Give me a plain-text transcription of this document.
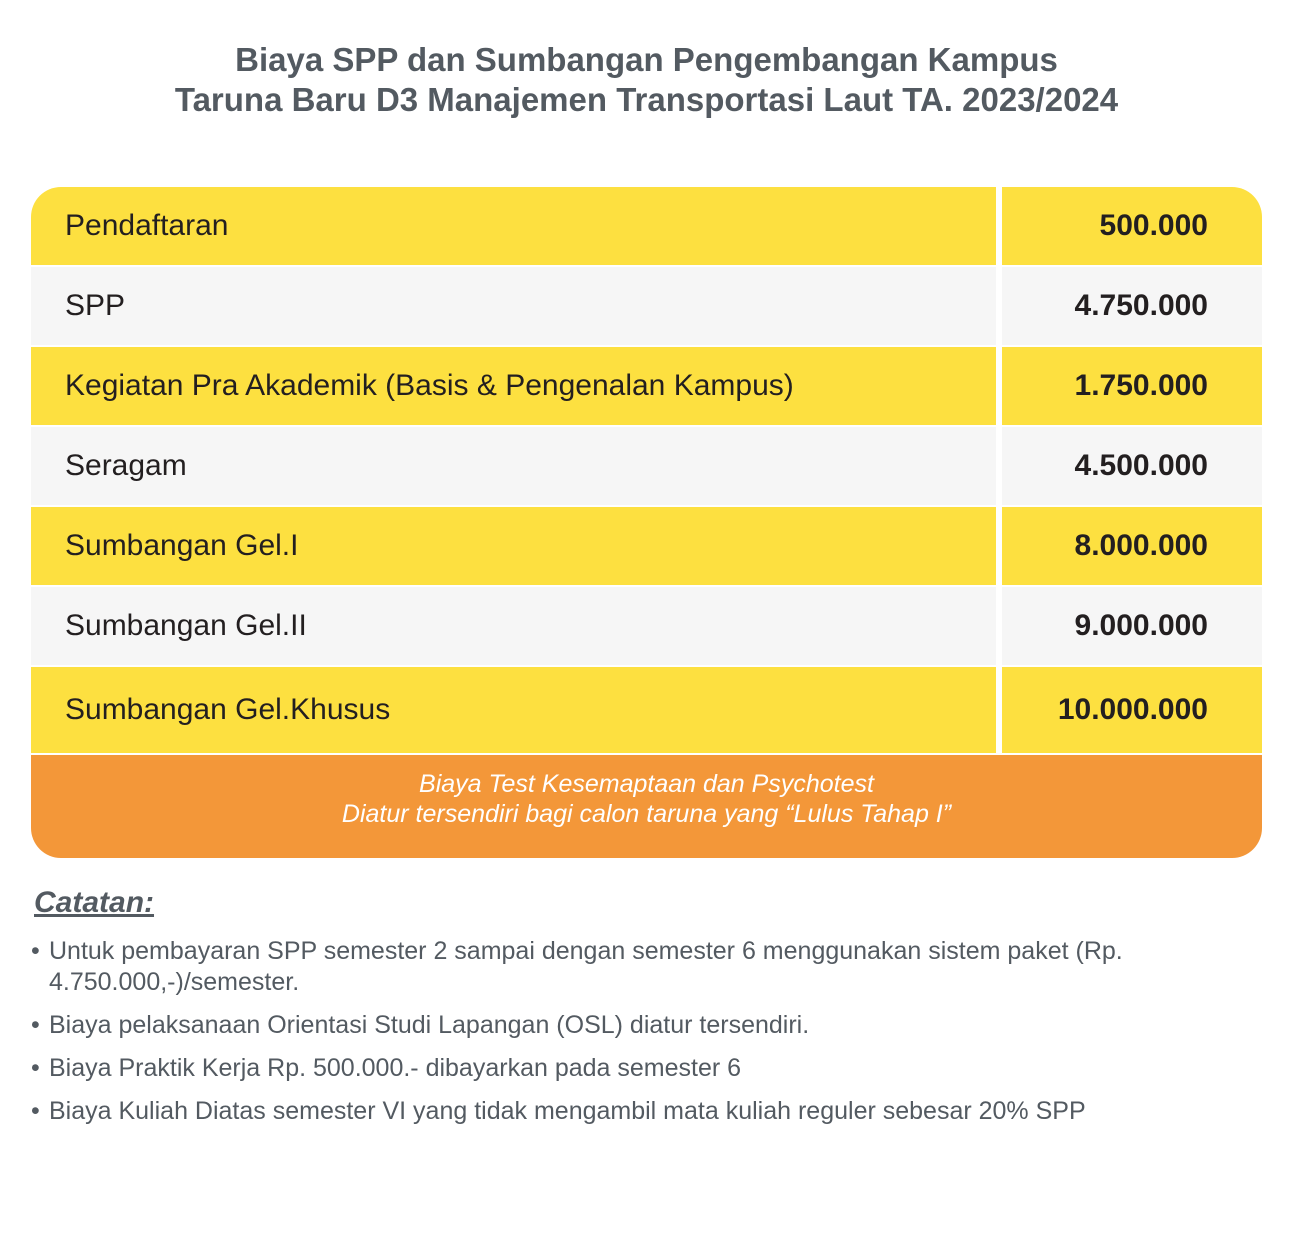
Biaya SPP dan Sumbangan Pengembangan Kampus
Taruna Baru D3 Manajemen Transportasi Laut TA. 2023/2024
Pendaftaran	500.000
SPP	4.750.000
Kegiatan Pra Akademik (Basis & Pengenalan Kampus)	1.750.000
Seragam	4.500.000
Sumbangan Gel.I	8.000.000
Sumbangan Gel.II	9.000.000
Sumbangan Gel.Khusus	10.000.000
Biaya Test Kesemaptaan dan Psychotest
Diatur tersendiri bagi calon taruna yang “Lulus Tahap I”
Catatan:
• Untuk pembayaran SPP semester 2 sampai dengan semester 6 menggunakan sistem paket (Rp. 4.750.000,-)/semester.
• Biaya pelaksanaan Orientasi Studi Lapangan (OSL) diatur tersendiri.
• Biaya Praktik Kerja Rp. 500.000.- dibayarkan pada semester 6
• Biaya Kuliah Diatas semester VI yang tidak mengambil mata kuliah reguler sebesar 20% SPP
